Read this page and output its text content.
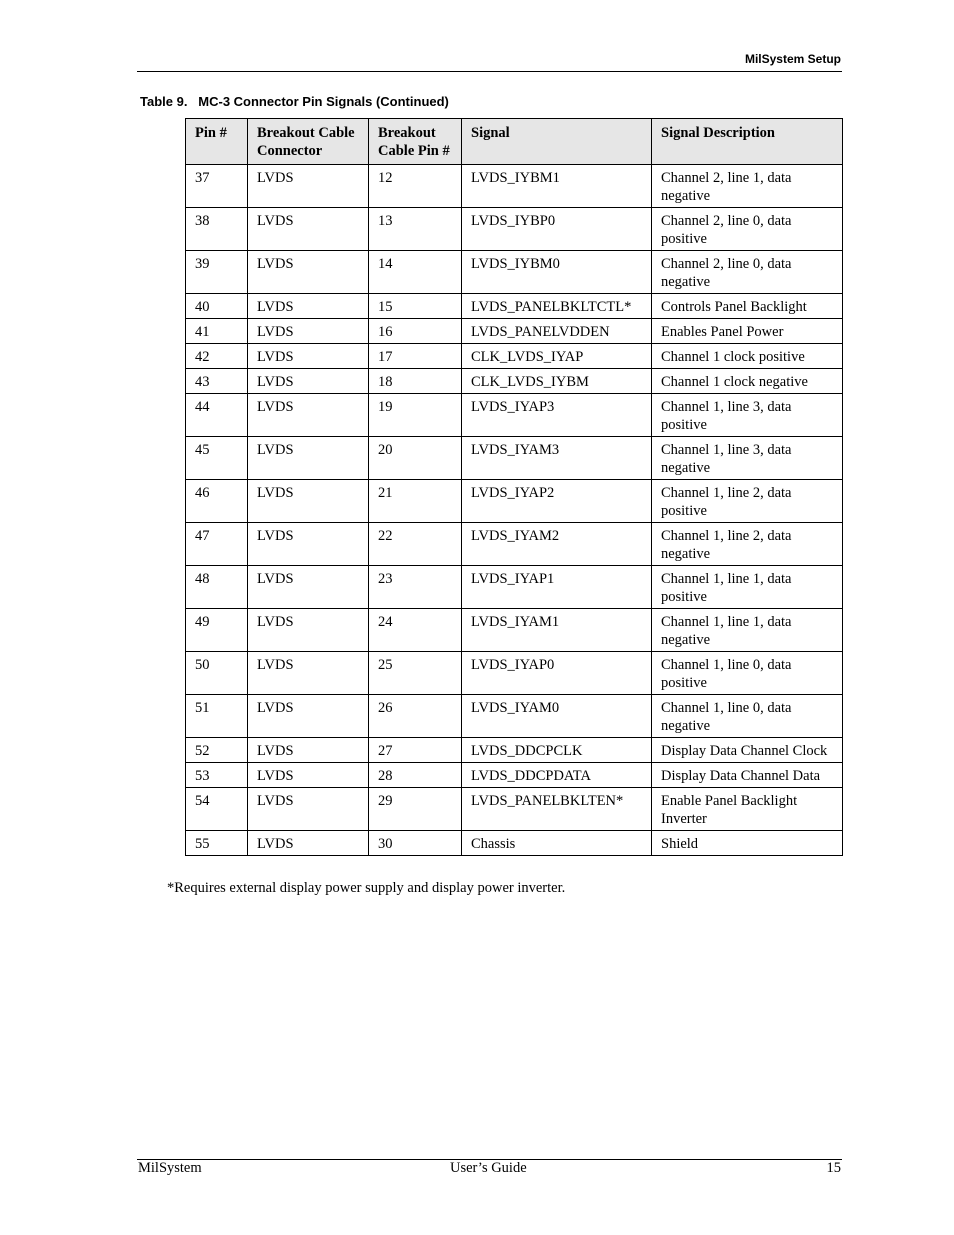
MilSystem Setup
Table 9.   MC-3 Connector Pin Signals (Continued)
Pin #	Breakout Cable Connector	Breakout Cable Pin #	Signal	Signal Description
37	LVDS	12	LVDS_IYBM1	Channel 2, line 1, data negative
38	LVDS	13	LVDS_IYBP0	Channel 2, line 0, data positive
39	LVDS	14	LVDS_IYBM0	Channel 2, line 0, data negative
40	LVDS	15	LVDS_PANELBKLTCTL*	Controls Panel Backlight
41	LVDS	16	LVDS_PANELVDDEN	Enables Panel Power
42	LVDS	17	CLK_LVDS_IYAP	Channel 1 clock positive
43	LVDS	18	CLK_LVDS_IYBM	Channel 1 clock negative
44	LVDS	19	LVDS_IYAP3	Channel 1, line 3, data positive
45	LVDS	20	LVDS_IYAM3	Channel 1, line 3, data negative
46	LVDS	21	LVDS_IYAP2	Channel 1, line 2, data positive
47	LVDS	22	LVDS_IYAM2	Channel 1, line 2, data negative
48	LVDS	23	LVDS_IYAP1	Channel 1, line 1, data positive
49	LVDS	24	LVDS_IYAM1	Channel 1, line 1, data negative
50	LVDS	25	LVDS_IYAP0	Channel 1, line 0, data positive
51	LVDS	26	LVDS_IYAM0	Channel 1, line 0, data negative
52	LVDS	27	LVDS_DDCPCLK	Display Data Channel Clock
53	LVDS	28	LVDS_DDCPDATA	Display Data Channel Data
54	LVDS	29	LVDS_PANELBKLTEN*	Enable Panel Backlight Inverter
55	LVDS	30	Chassis	Shield
*Requires external display power supply and display power inverter.
MilSystem	User’s Guide	15
